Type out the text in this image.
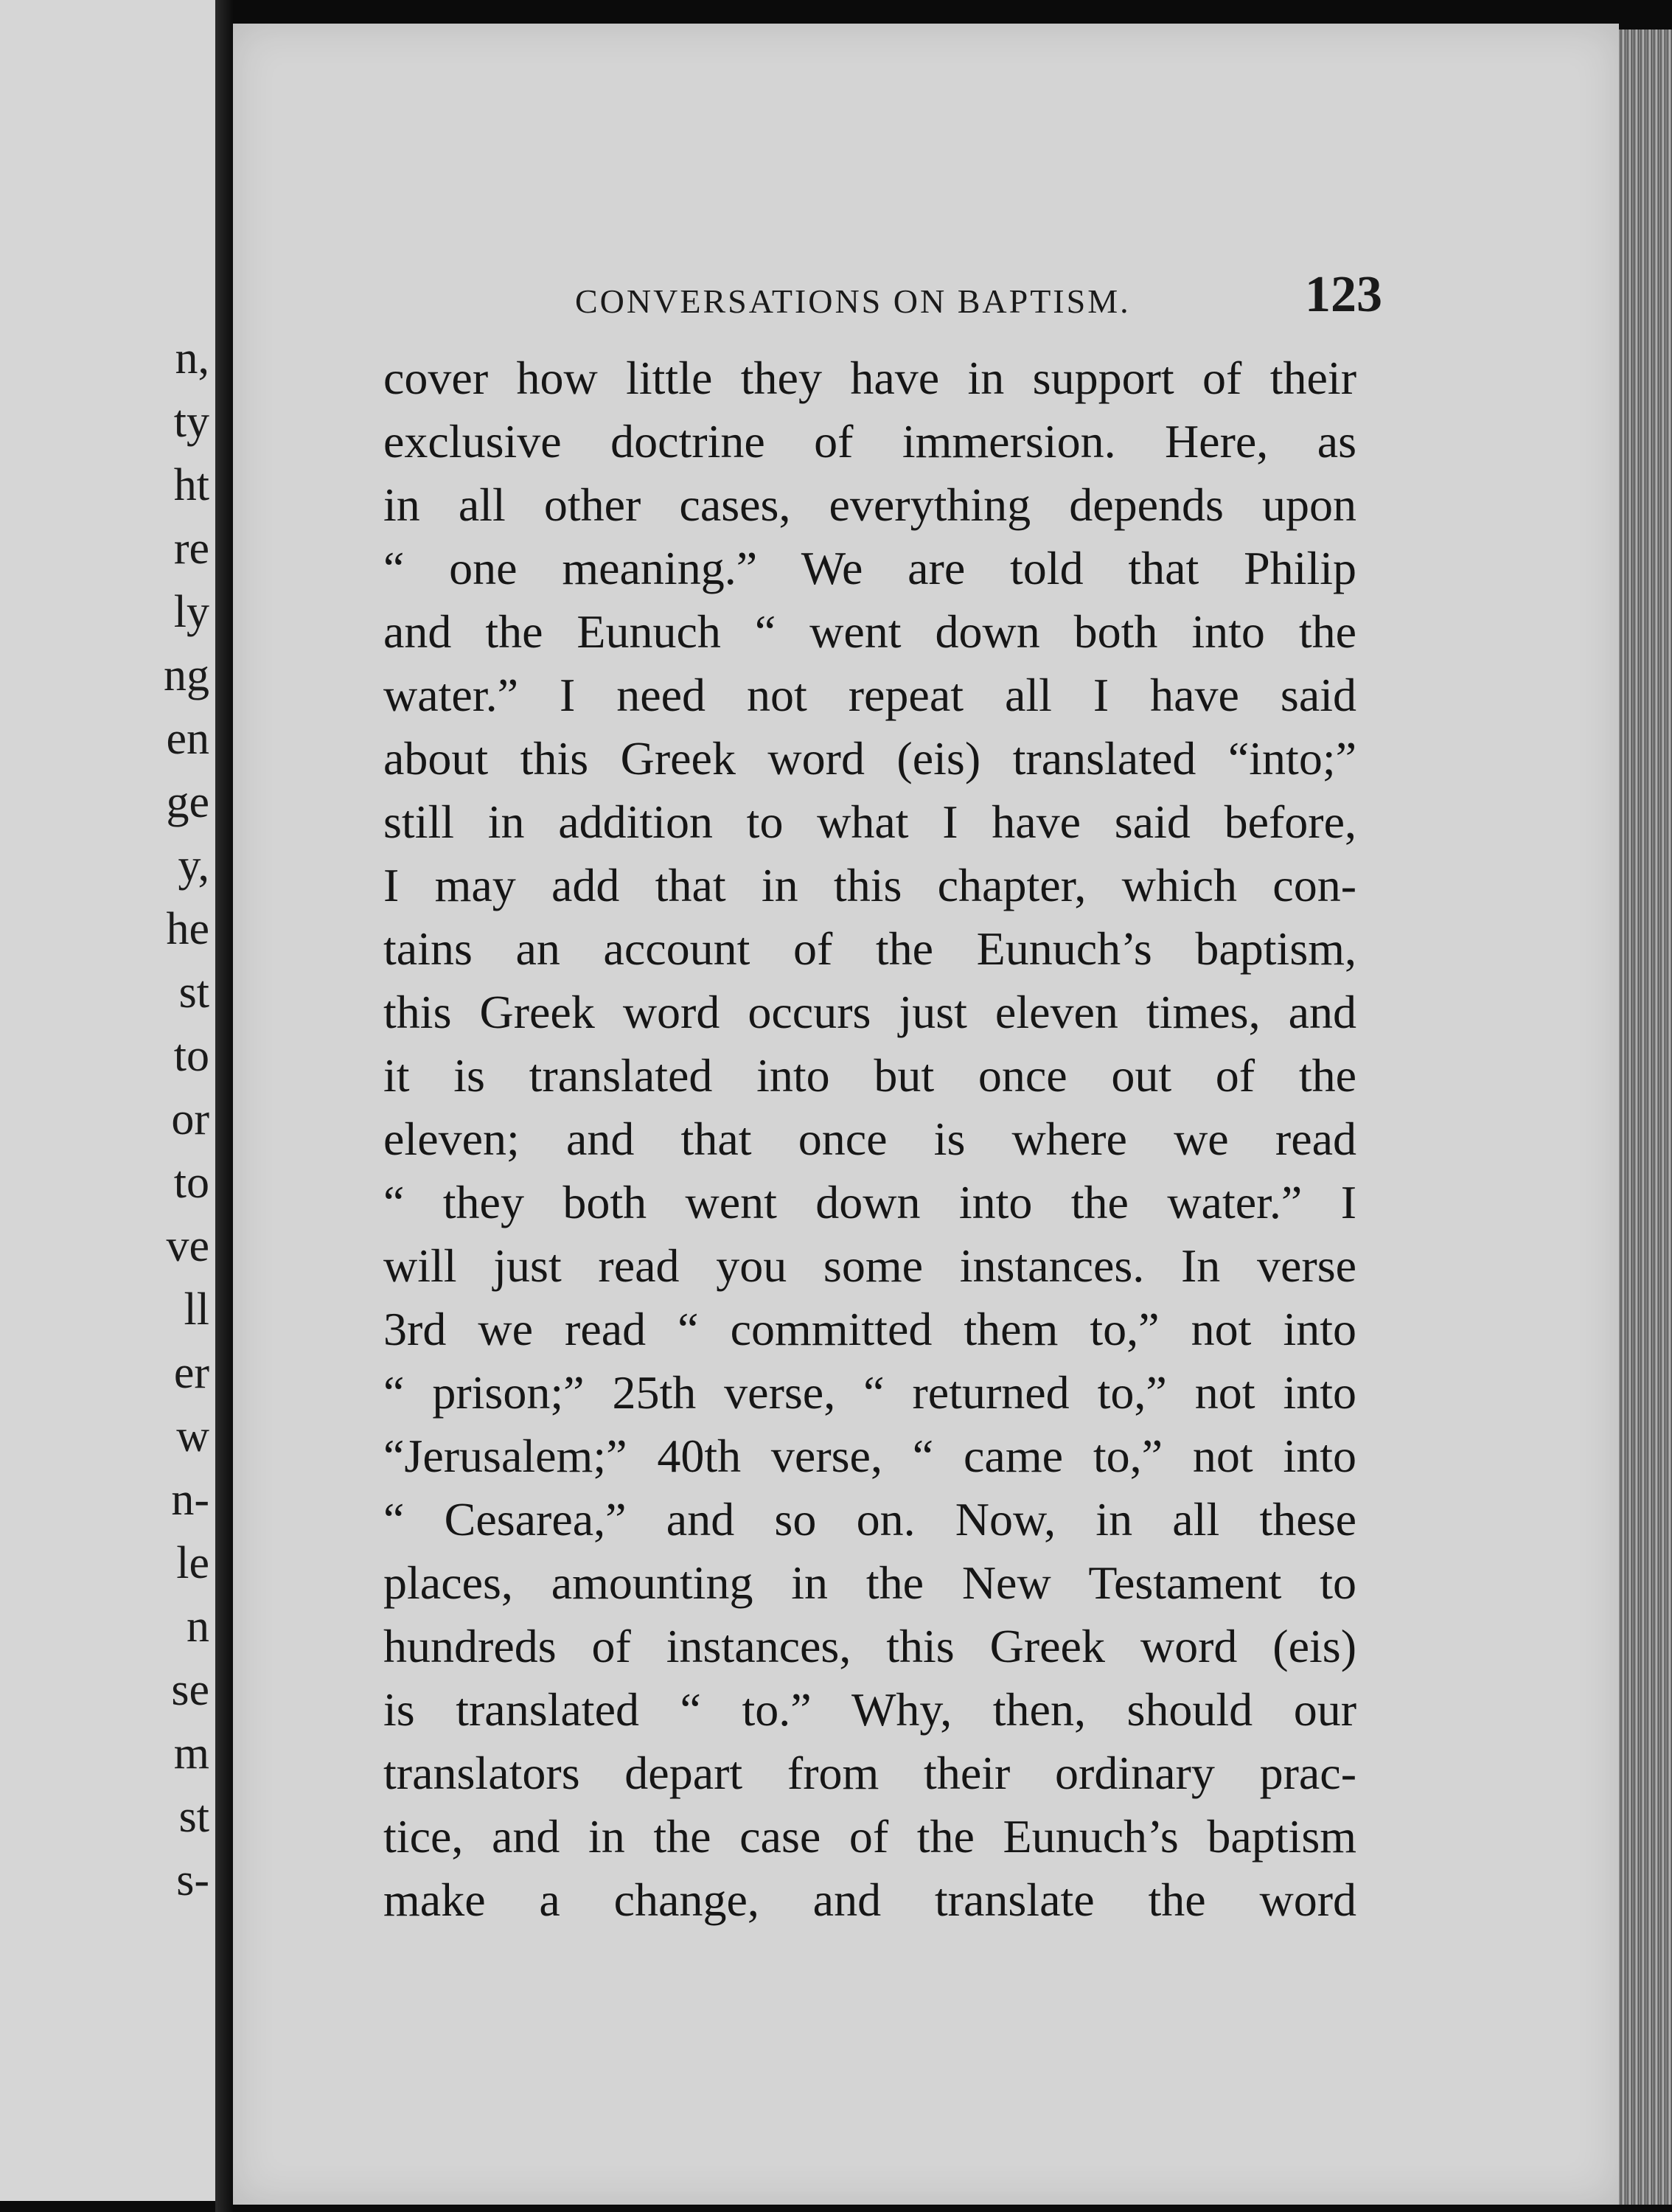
n,
ty
ht
re
ly
ng
en
ge
y,
he
st
to
or
to
ve
ll
er
w
n-
le
n
se
m
st
s-
CONVERSATIONS ON BAPTISM.	123
cover how little they have in support of their
exclusive doctrine of immersion. Here, as
in all other cases, everything depends upon
“ one meaning.” We are told that Philip
and the Eunuch “ went down both into the
water.” I need not repeat all I have said
about this Greek word (eis) translated “into;”
still in addition to what I have said before,
I may add that in this chapter, which con-
tains an account of the Eunuch’s baptism,
this Greek word occurs just eleven times, and
it is translated into but once out of the
eleven; and that once is where we read
“ they both went down into the water.” I
will just read you some instances. In verse
3rd we read “ committed them to,” not into
“ prison;” 25th verse, “ returned to,” not into
“Jerusalem;” 40th verse, “ came to,” not into
“ Cesarea,” and so on. Now, in all these
places, amounting in the New Testament to
hundreds of instances, this Greek word (eis)
is translated “ to.” Why, then, should our
translators depart from their ordinary prac-
tice, and in the case of the Eunuch’s baptism
make a change, and translate the word
